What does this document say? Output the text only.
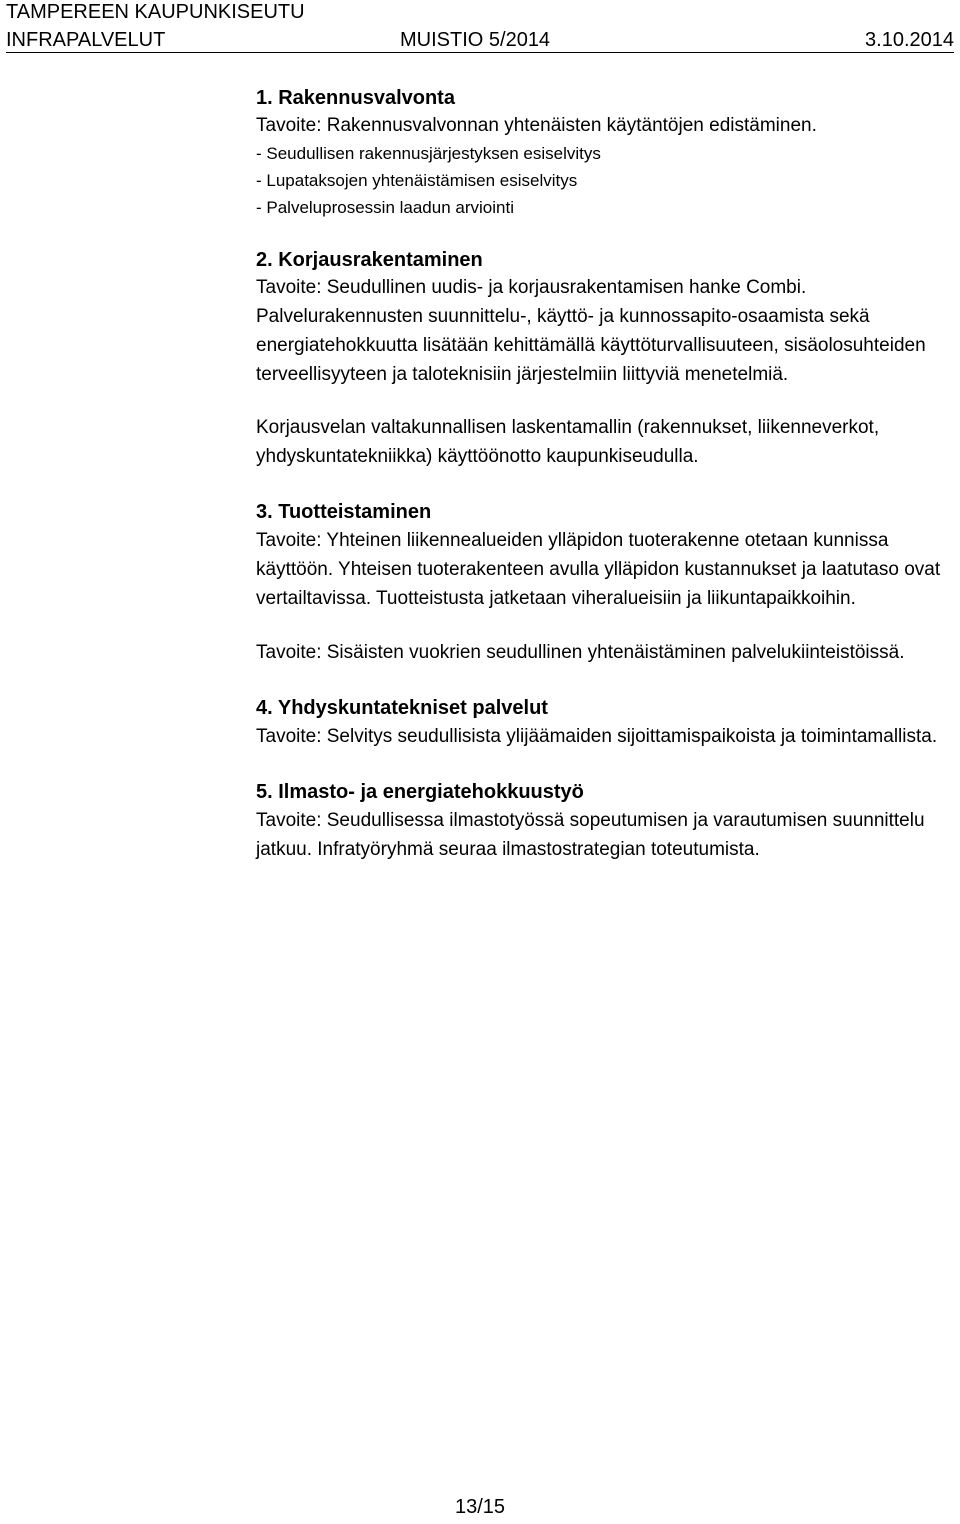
TAMPEREEN KAUPUNKISEUTU
INFRAPALVELUT	MUISTIO 5/2014	3.10.2014

1. Rakennusvalvonta

Tavoite: Rakennusvalvonnan yhtenäisten käytäntöjen edistäminen.

- Seudullisen rakennusjärjestyksen esiselvitys

- Lupataksojen yhtenäistämisen esiselvitys

- Palveluprosessin laadun arviointi

2. Korjausrakentaminen

Tavoite: Seudullinen uudis- ja korjausrakentamisen hanke Combi.

Palvelurakennusten suunnittelu-, käyttö- ja kunnossapito-osaamista sekä energiatehokkuutta lisätään kehittämällä käyttöturvallisuuteen, sisäolosuhteiden terveellisyyteen ja taloteknisiin järjestelmiin liittyviä menetelmiä.

Korjausvelan valtakunnallisen laskentamallin (rakennukset, liikenneverkot, yhdyskuntatekniikka) käyttöönotto kaupunkiseudulla.

3. Tuotteistaminen

Tavoite: Yhteinen liikennealueiden ylläpidon tuoterakenne otetaan kunnissa käyttöön. Yhteisen tuoterakenteen avulla ylläpidon kustannukset ja laatutaso ovat vertailtavissa. Tuotteistusta jatketaan viheralueisiin ja liikuntapaikkoihin.

Tavoite: Sisäisten vuokrien seudullinen yhtenäistäminen palvelukiinteistöissä.

4. Yhdyskuntatekniset palvelut

Tavoite: Selvitys seudullisista ylijäämaiden sijoittamispaikoista ja toimintamallista.

5. Ilmasto- ja energiatehokkuustyö

Tavoite: Seudullisessa ilmastotyössä sopeutumisen ja varautumisen suunnittelu jatkuu. Infratyöryhmä seuraa ilmastostrategian toteutumista.

13/15
